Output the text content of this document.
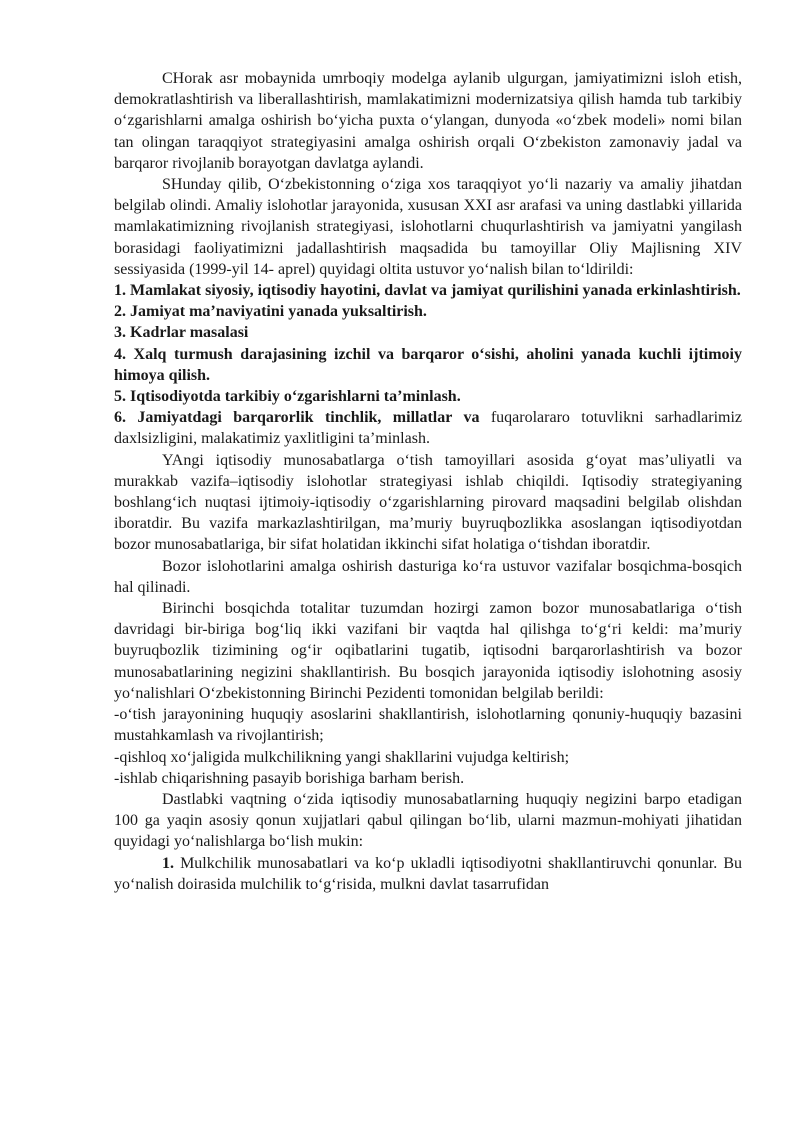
CHorak asr mobaynida umrboqiy modelga aylanib ulgurgan, jamiyatimizni isloh etish, demokratlashtirish va liberallashtirish, mamlakatimizni modernizatsiya qilish hamda tub tarkibiy o‘zgarishlarni amalga oshirish bo‘yicha puxta o‘ylangan, dunyoda «o‘zbek modeli» nomi bilan tan olingan taraqqiyot strategiyasini amalga oshirish orqali O‘zbekiston zamonaviy jadal va barqaror rivojlanib borayotgan davlatga aylandi.

SHunday qilib, O‘zbekistonning o‘ziga xos taraqqiyot yo‘li nazariy va amaliy jihatdan belgilab olindi. Amaliy islohotlar jarayonida, xususan XXI asr arafasi va uning dastlabki yillarida mamlakatimizning rivojlanish strategiyasi, islohotlarni chuqurlashtirish va jamiyatni yangilash borasidagi faoliyatimizni jadallashtirish maqsadida bu tamoyillar Oliy Majlisning XIV sessiyasida (1999-yil 14- aprel) quyidagi oltita ustuvor yo‘nalish bilan to‘ldirildi:

1. Mamlakat siyosiy, iqtisodiy hayotini, davlat va jamiyat qurilishini yanada erkinlashtirish.

2. Jamiyat ma’naviyatini yanada yuksaltirish.

3. Kadrlar masalasi

4. Xalq turmush darajasining izchil va barqaror o‘sishi, aholini yanada kuchli ijtimoiy himoya qilish.

5. Iqtisodiyotda tarkibiy o‘zgarishlarni ta’minlash.

6. Jamiyatdagi barqarorlik tinchlik, millatlar va fuqarolararo totuvlikni sarhadlarimiz daxlsizligini, malakatimiz yaxlitligini ta’minlash.

YAngi iqtisodiy munosabatlarga o‘tish tamoyillari asosida g‘oyat mas’uliyatli va murakkab vazifa–iqtisodiy islohotlar strategiyasi ishlab chiqildi. Iqtisodiy strategiyaning boshlang‘ich nuqtasi ijtimoiy-iqtisodiy o‘zgarishlarning pirovard maqsadini belgilab olishdan iboratdir. Bu vazifa markazlashtirilgan, ma’muriy buyruqbozlikka asoslangan iqtisodiyotdan bozor munosabatlariga, bir sifat holatidan ikkinchi sifat holatiga o‘tishdan iboratdir.

Bozor islohotlarini amalga oshirish dasturiga ko‘ra ustuvor vazifalar bosqichma-bosqich hal qilinadi.

Birinchi bosqichda totalitar tuzumdan hozirgi zamon bozor munosabatlariga o‘tish davridagi bir-biriga bog‘liq ikki vazifani bir vaqtda hal qilishga to‘g‘ri keldi: ma’muriy buyruqbozlik tizimining og‘ir oqibatlarini tugatib, iqtisodni barqarorlashtirish va bozor munosabatlarining negizini shakllantirish. Bu bosqich jarayonida iqtisodiy islohotning asosiy yo‘nalishlari O‘zbekistonning Birinchi Pezidenti tomonidan belgilab berildi:

-o‘tish jarayonining huquqiy asoslarini shakllantirish, islohotlarning qonuniy-huquqiy bazasini mustahkamlash va rivojlantirish;

-qishloq xo‘jaligida mulkchilikning yangi shakllarini vujudga keltirish;

-ishlab chiqarishning pasayib borishiga barham berish.

Dastlabki vaqtning o‘zida iqtisodiy munosabatlarning huquqiy negizini barpo etadigan 100 ga yaqin asosiy qonun xujjatlari qabul qilingan bo‘lib, ularni mazmun-mohiyati jihatidan quyidagi yo‘nalishlarga bo‘lish mukin:

1. Mulkchilik munosabatlari va ko‘p ukladli iqtisodiyotni shakllantiruvchi qonunlar. Bu yo‘nalish doirasida mulchilik to‘g‘risida, mulkni davlat tasarrufidan
